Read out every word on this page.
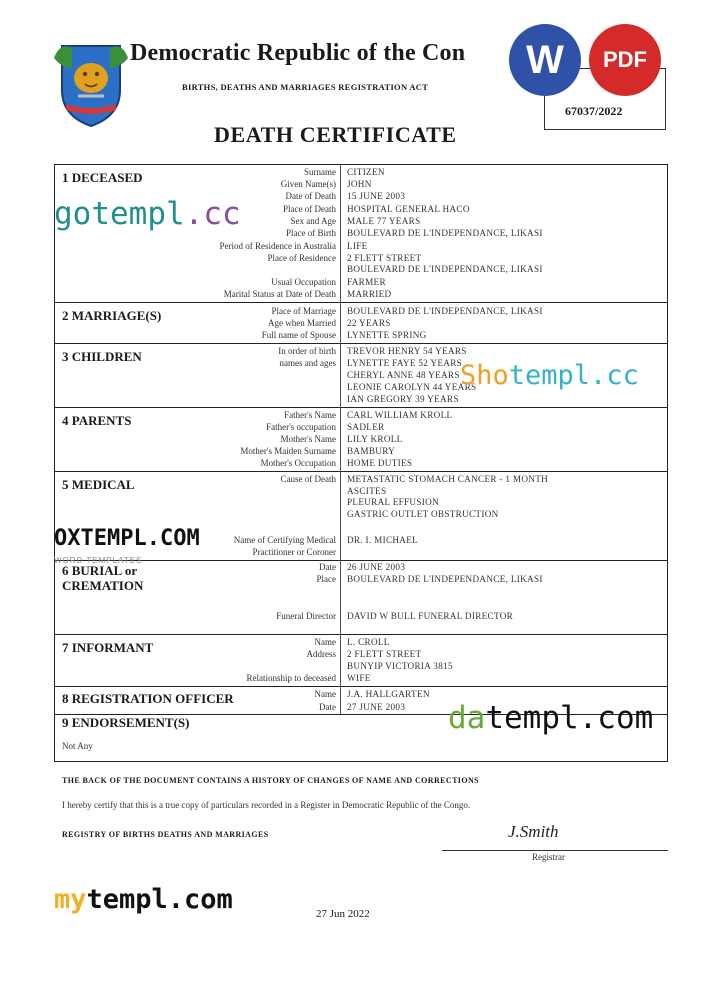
Democratic Republic of the Con
BIRTHS, DEATHS AND MARRIAGES REGISTRATION ACT
67037/2022
W	PDF
DEATH CERTIFICATE
1 DECEASED	Surname CITIZEN
Given Name(s) JOHN
Date of Death 15 JUNE 2003
Place of Death HOSPITAL GENERAL HACO
Sex and Age MALE 77 YEARS
Place of Birth BOULEVARD DE L'INDEPENDANCE, LIKASI
Period of Residence in Australia LIFE
Place of Residence 2 FLETT STREET
BOULEVARD DE L'INDEPENDANCE, LIKASI
Usual Occupation FARMER
Marital Status at Date of Death MARRIED
2 MARRIAGE(S)	Place of Marriage BOULEVARD DE L'INDEPENDANCE, LIKASI
Age when Married 22 YEARS
Full name of Spouse LYNETTE SPRING
3 CHILDREN	In order of birth
names and ages
TREVOR HENRY 54 YEARS
LYNETTE FAYE 52 YEARS
CHERYL ANNE 48 YEARS
LEONIE CAROLYN 44 YEARS
IAN GREGORY 39 YEARS
4 PARENTS	Father's Name CARL WILLIAM KROLL
Father's occupation SADLER
Mother's Name LILY KROLL
Mother's Maiden Surname BAMBURY
Mother's Occupation HOME DUTIES
5 MEDICAL	Cause of Death METASTATIC STOMACH CANCER - 1 MONTH
ASCITES
PLEURAL EFFUSION
GASTRIC OUTLET OBSTRUCTION
Name of Certifying Medical
Practitioner or Coroner
DR. I. MICHAEL
6 BURIAL or
CREMATION
Date 26 JUNE 2003
Place BOULEVARD DE L'INDEPENDANCE, LIKASI
Funeral Director DAVID W BULL FUNERAL DIRECTOR
7 INFORMANT	Name L. CROLL
Address 2 FLETT STREET
BUNYIP VICTORIA 3815
Relationship to deceased WIFE
8 REGISTRATION OFFICER	Name J.A. HALLGARTEN
Date 27 JUNE 2003
9 ENDORSEMENT(S)
Not Any
THE BACK OF THE DOCUMENT CONTAINS A HISTORY OF CHANGES OF NAME AND CORRECTIONS
I hereby certify that this is a true copy of particulars recorded in a Register in Democratic Republic of the Congo.
REGISTRY OF BIRTHS DEATHS AND MARRIAGES	J.Smith
Registrar
27 Jun 2022
gotempl.cc
Shotempl.cc
OXTEMPL.COM
WORD TEMPLATES
datempl.com
mytempl.com
